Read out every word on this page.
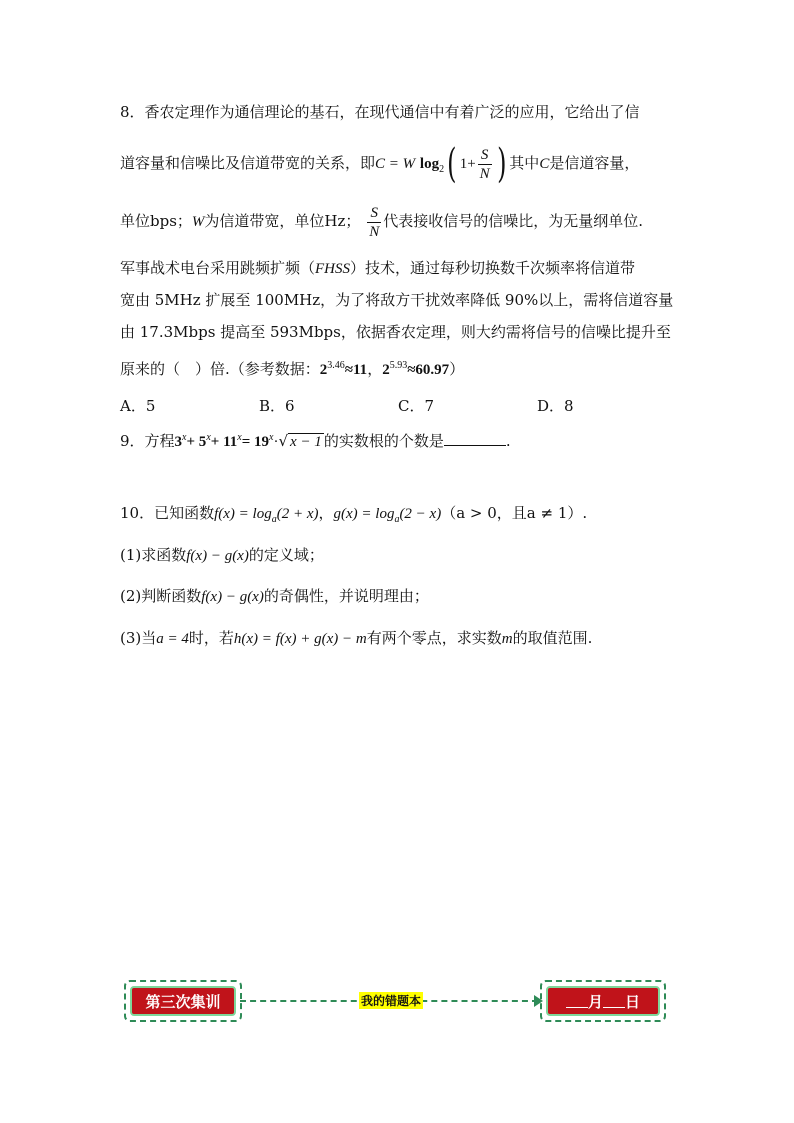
8．香农定理作为通信理论的基石，在现代通信中有着广泛的应用，它给出了信
道容量和信噪比及信道带宽的关系，即C = W $\log_2$( $1+ \frac{S}{N}$ ) 其中C是信道容量，
单位bps；W为信道带宽，单位Hz； $\frac{S}{N}$ 代表接收信号的信噪比，为无量纲单位.
军事战术电台采用跳频扩频（FHSS）技术，通过每秒切换数千次频率将信道带
宽由 5MHz 扩展至 100MHz，为了将敌方干扰效率降低 90%以上，需将信道容量
由 17.3Mbps 提高至 593Mbps，依据香农定理，则大约需将信号的信噪比提升至
原来的（　）倍.（参考数据：$2^{3.46}\approx 11$，$2^{5.93}\approx 60.97$）
A．5	B．6	C．7	D．8
9．方程$3^x+ 5^x+ 11^x= 19^x\cdot√$ x − 1 的实数根的个数是	.
10．已知函数$f(x) = \log_a(2 + x)$，$g(x) = \log_a(2 - x)(a > 0$，且a ≠ 1）.
(1)求函数f(x) − g(x)的定义域；
(2)判断函数f(x) − g(x)的奇偶性，并说明理由；
(3)当a = 4时，若h(x) = f(x) + g(x) − m有两个零点，求实数m的取值范围.
第三次集训	我的错题本	月 日
